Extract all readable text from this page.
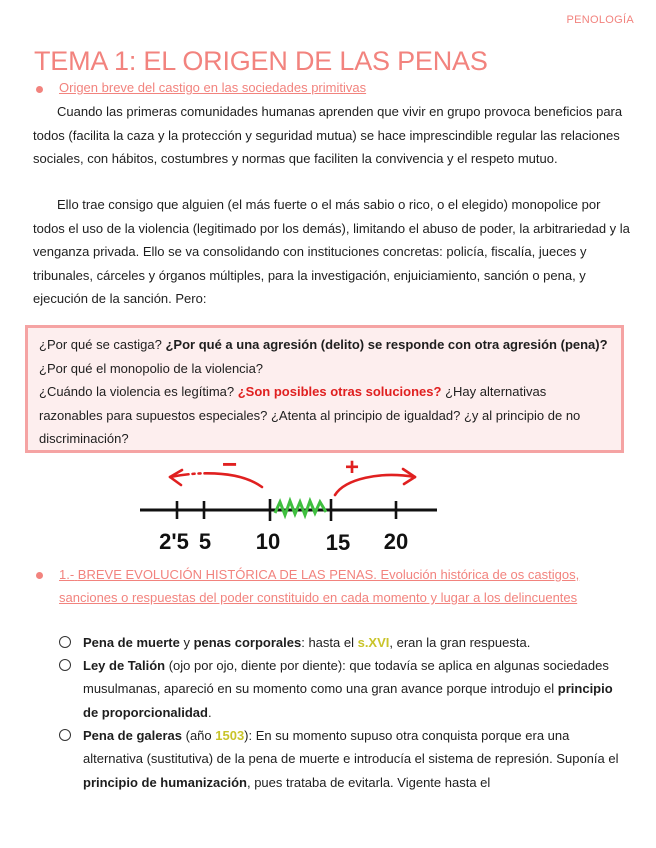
PENOLOGÍA
TEMA 1: EL ORIGEN DE LAS PENAS
Origen breve del castigo en las sociedades primitivas

Cuando las primeras comunidades humanas aprenden que vivir en grupo provoca beneficios para todos (facilita la caza y la protección y seguridad mutua) se hace imprescindible regular las relaciones sociales, con hábitos, costumbres y normas que faciliten la convivencia y el respeto mutuo.

Ello trae consigo que alguien (el más fuerte o el más sabio o rico, o el elegido) monopolice por todos el uso de la violencia (legitimado por los demás), limitando el abuso de poder, la arbitrariedad y la venganza privada. Ello se va consolidando con instituciones concretas: policía, fiscalía, jueces y tribunales, cárceles y órganos múltiples, para la investigación, enjuiciamiento, sanción o pena, y ejecución de la sanción. Pero:

¿Por qué se castiga? ¿Por qué a una agresión (delito) se responde con otra agresión (pena)? ¿Por qué el monopolio de la violencia?
¿Cuándo la violencia es legítima? ¿Son posibles otras soluciones? ¿Hay alternativas razonables para supuestos especiales? ¿Atenta al principio de igualdad? ¿y al principio de no discriminación?
−	+
2'5 5 10 15 20
1.- BREVE EVOLUCIÓN HISTÓRICA DE LAS PENAS. Evolución histórica de os castigos, sanciones o respuestas del poder constituido en cada momento y lugar a los delincuentes
Pena de muerte y penas corporales: hasta el s.XVI, eran la gran respuesta.
Ley de Talión (ojo por ojo, diente por diente): que todavía se aplica en algunas sociedades musulmanas, apareció en su momento como una gran avance porque introdujo el principio de proporcionalidad.
Pena de galeras (año 1503): En su momento supuso otra conquista porque era una alternativa (sustitutiva) de la pena de muerte e introducía el sistema de represión. Suponía el principio de humanización, pues trataba de evitarla. Vigente hasta el
